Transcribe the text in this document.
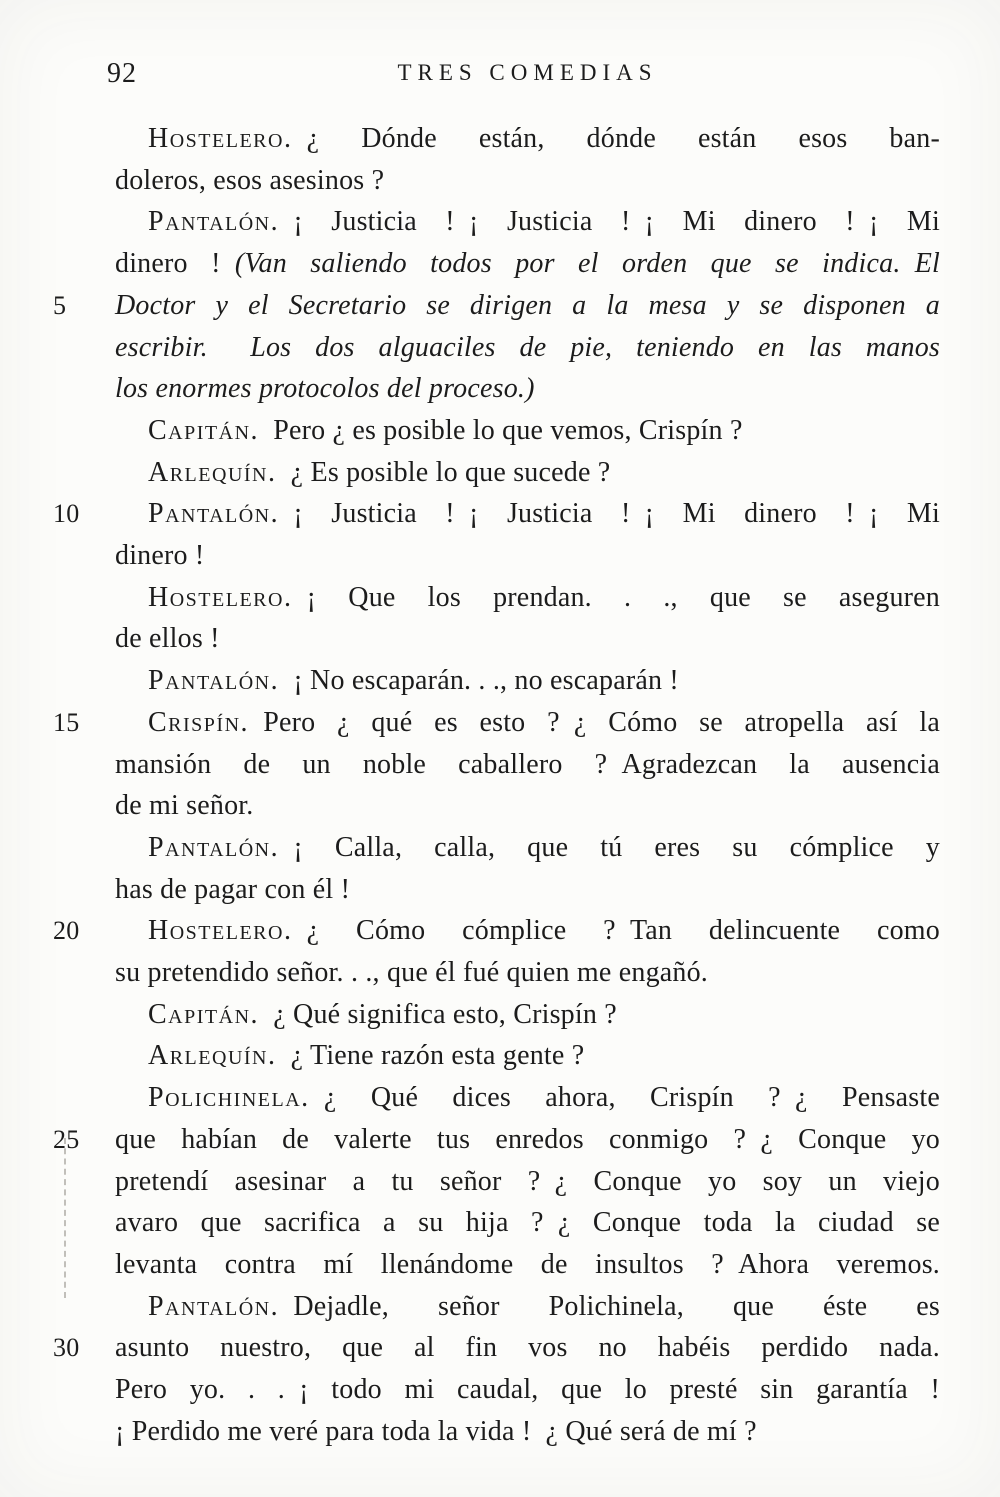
92	TRES COMEDIAS
Hostelero. ¿ Dónde están, dónde están esos ban-
doleros, esos asesinos ?
Pantalón. ¡ Justicia ! ¡ Justicia ! ¡ Mi dinero ! ¡ Mi
dinero ! (Van saliendo todos por el orden que se indica. El
5	Doctor y el Secretario se dirigen a la mesa y se disponen a
escribir.  Los dos alguaciles de pie, teniendo en las manos
los enormes protocolos del proceso.)
Capitán. Pero ¿ es posible lo que vemos, Crispín ?
Arlequín. ¿ Es posible lo que sucede ?
10	Pantalón. ¡ Justicia ! ¡ Justicia ! ¡ Mi dinero ! ¡ Mi
dinero !
Hostelero. ¡ Que los prendan. . ., que se aseguren
de ellos !
Pantalón. ¡ No escaparán. . ., no escaparán !
15	Crispín. Pero ¿ qué es esto ? ¿ Cómo se atropella así la
mansión de un noble caballero ? Agradezcan la ausencia
de mi señor.
Pantalón. ¡ Calla, calla, que tú eres su cómplice y
has de pagar con él !
20	Hostelero. ¿ Cómo cómplice ? Tan delincuente como
su pretendido señor. . ., que él fué quien me engañó.
Capitán. ¿ Qué significa esto, Crispín ?
Arlequín. ¿ Tiene razón esta gente ?
Polichinela. ¿ Qué dices ahora, Crispín ? ¿ Pensaste
25	que habían de valerte tus enredos conmigo ? ¿ Conque yo
pretendí asesinar a tu señor ? ¿ Conque yo soy un viejo
avaro que sacrifica a su hija ? ¿ Conque toda la ciudad se
levanta contra mí llenándome de insultos ? Ahora veremos.
Pantalón. Dejadle, señor Polichinela, que éste es
30	asunto nuestro, que al fin vos no habéis perdido nada.
Pero yo. . . ¡ todo mi caudal, que lo presté sin garantía !
¡ Perdido me veré para toda la vida ! ¿ Qué será de mí ?
